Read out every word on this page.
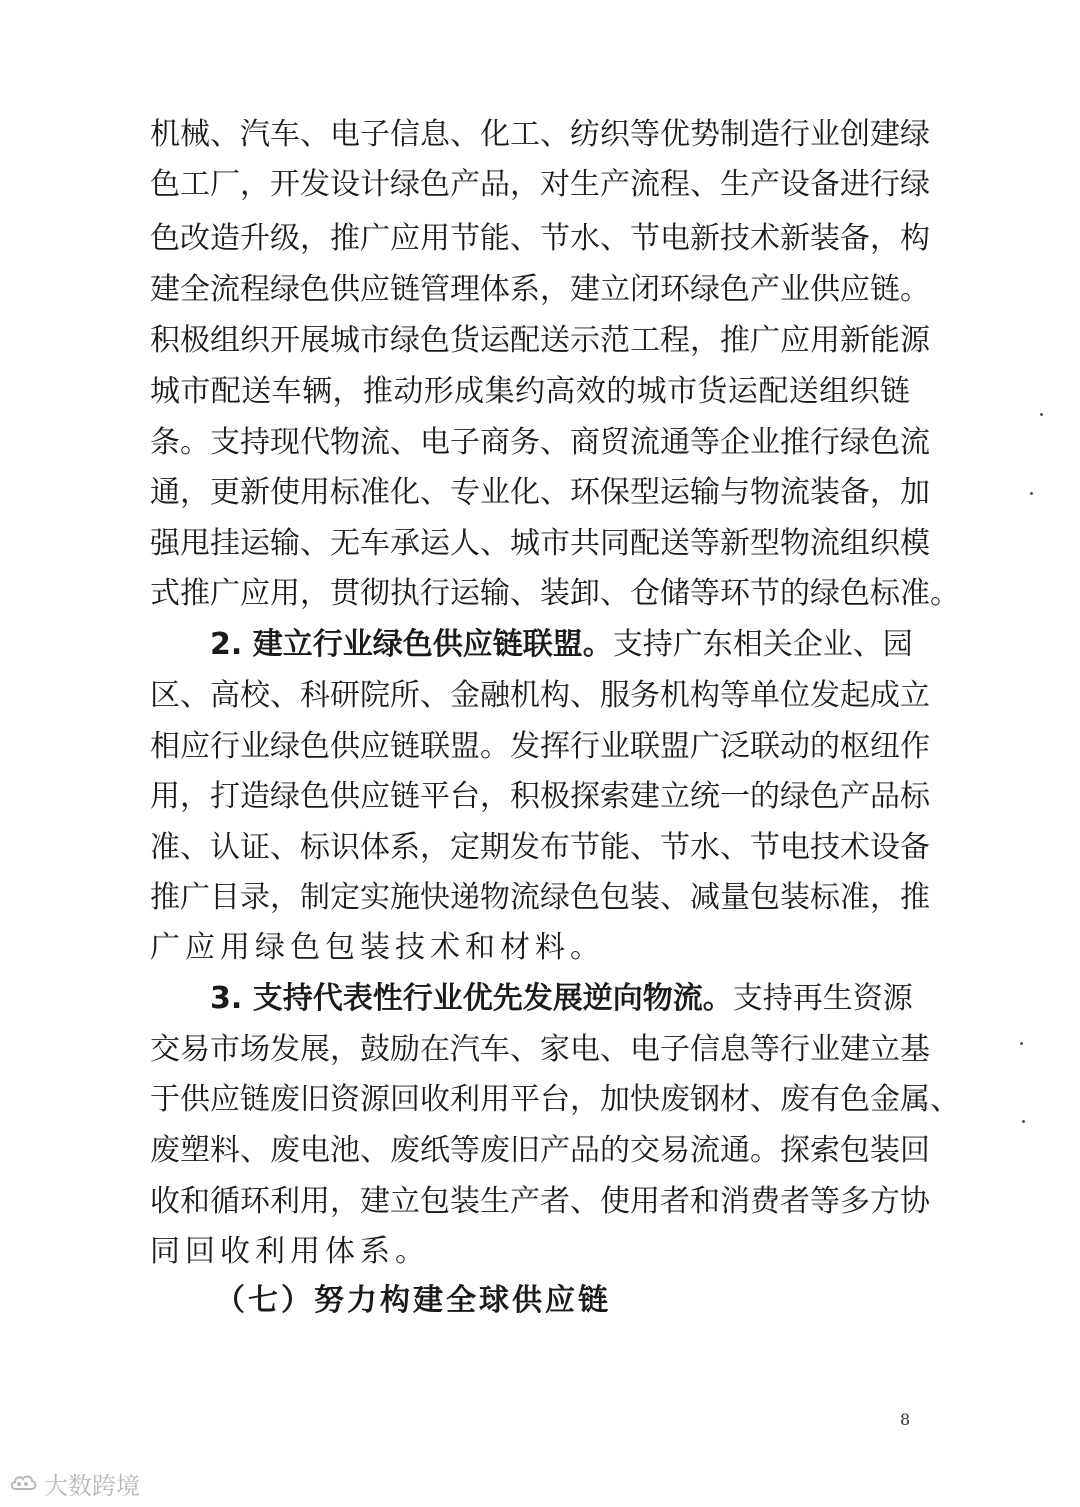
机械、汽车、电子信息、化工、纺织等优势制造行业创建绿
色工厂，开发设计绿色产品，对生产流程、生产设备进行绿
色改造升级，推广应用节能、节水、节电新技术新装备，构
建全流程绿色供应链管理体系，建立闭环绿色产业供应链。
积极组织开展城市绿色货运配送示范工程，推广应用新能源
城市配送车辆，推动形成集约高效的城市货运配送组织链
条。支持现代物流、电子商务、商贸流通等企业推行绿色流
通，更新使用标准化、专业化、环保型运输与物流装备，加
强甩挂运输、无车承运人、城市共同配送等新型物流组织模
式推广应用，贯彻执行运输、装卸、仓储等环节的绿色标准。
2. 建立行业绿色供应链联盟。支持广东相关企业、园
区、高校、科研院所、金融机构、服务机构等单位发起成立
相应行业绿色供应链联盟。发挥行业联盟广泛联动的枢纽作
用，打造绿色供应链平台，积极探索建立统一的绿色产品标
准、认证、标识体系，定期发布节能、节水、节电技术设备
推广目录，制定实施快递物流绿色包装、减量包装标准，推
广应用绿色包装技术和材料。
3. 支持代表性行业优先发展逆向物流。支持再生资源
交易市场发展，鼓励在汽车、家电、电子信息等行业建立基
于供应链废旧资源回收利用平台，加快废钢材、废有色金属、
废塑料、废电池、废纸等废旧产品的交易流通。探索包装回
收和循环利用，建立包装生产者、使用者和消费者等多方协
同回收利用体系。
（七）努力构建全球供应链
8
大数跨境
